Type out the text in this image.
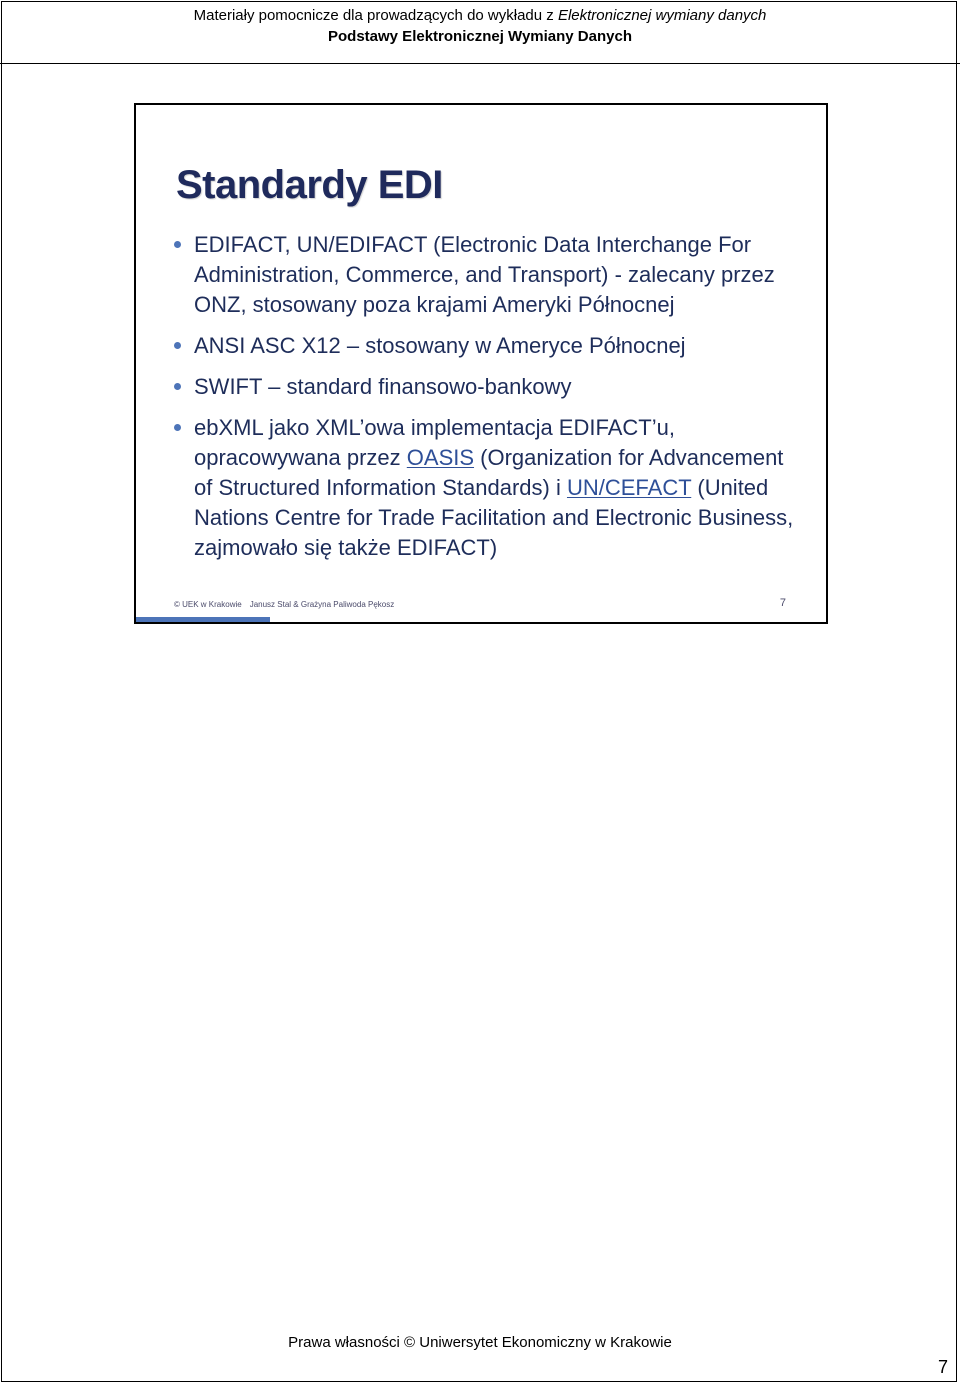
Materiały pomocnicze dla prowadzących do wykładu z Elektronicznej wymiany danych
Podstawy Elektronicznej Wymiany Danych
Standardy EDI
EDIFACT, UN/EDIFACT (Electronic Data Interchange For Administration, Commerce, and Transport) - zalecany przez ONZ, stosowany poza krajami Ameryki Północnej
ANSI ASC X12 – stosowany w Ameryce Północnej
SWIFT – standard finansowo-bankowy
ebXML jako XML’owa implementacja EDIFACT’u, opracowywana przez OASIS (Organization for Advancement of Structured Information Standards) i UN/CEFACT (United Nations Centre for Trade Facilitation and Electronic Business, zajmowało się także EDIFACT)
© UEK w Krakowie Janusz Stal & Grażyna Paliwoda Pękosz	7
Prawa własności © Uniwersytet Ekonomiczny w Krakowie
7
